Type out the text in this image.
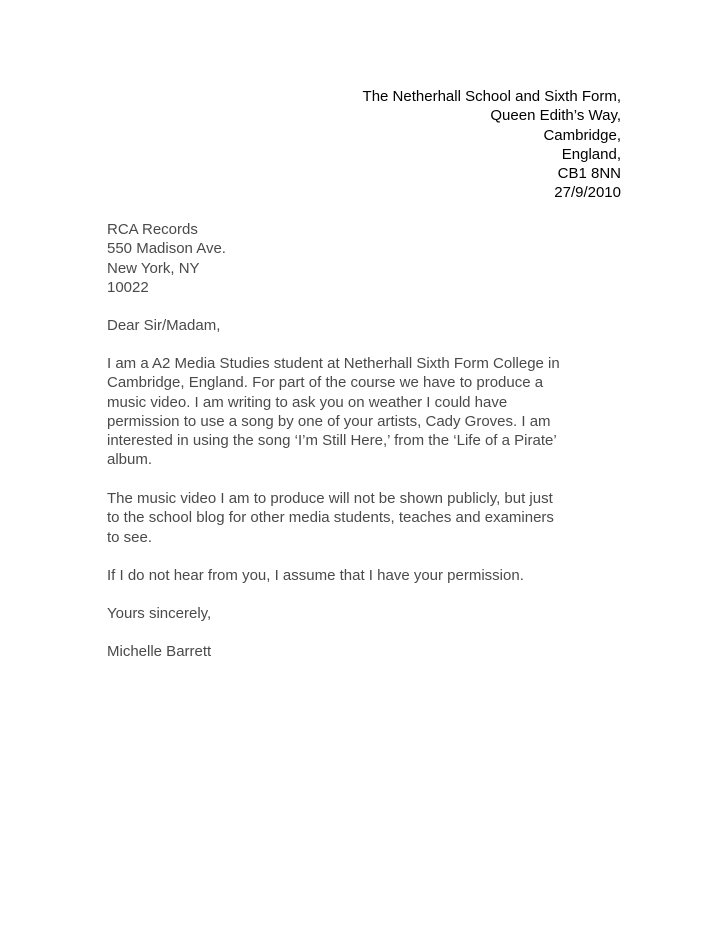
The Netherhall School and Sixth Form,
Queen Edith’s Way,
Cambridge,
England,
CB1 8NN
27/9/2010
RCA Records
550 Madison Ave.
New York, NY
10022
Dear Sir/Madam,

I am a A2 Media Studies student at Netherhall Sixth Form College in
Cambridge, England. For part of the course we have to produce a
music video. I am writing to ask you on weather I could have
permission to use a song by one of your artists, Cady Groves. I am
interested in using the song ‘I’m Still Here,’ from the ‘Life of a Pirate’
album.

The music video I am to produce will not be shown publicly, but just
to the school blog for other media students, teaches and examiners
to see.

If I do not hear from you, I assume that I have your permission.

Yours sincerely,
Michelle Barrett
